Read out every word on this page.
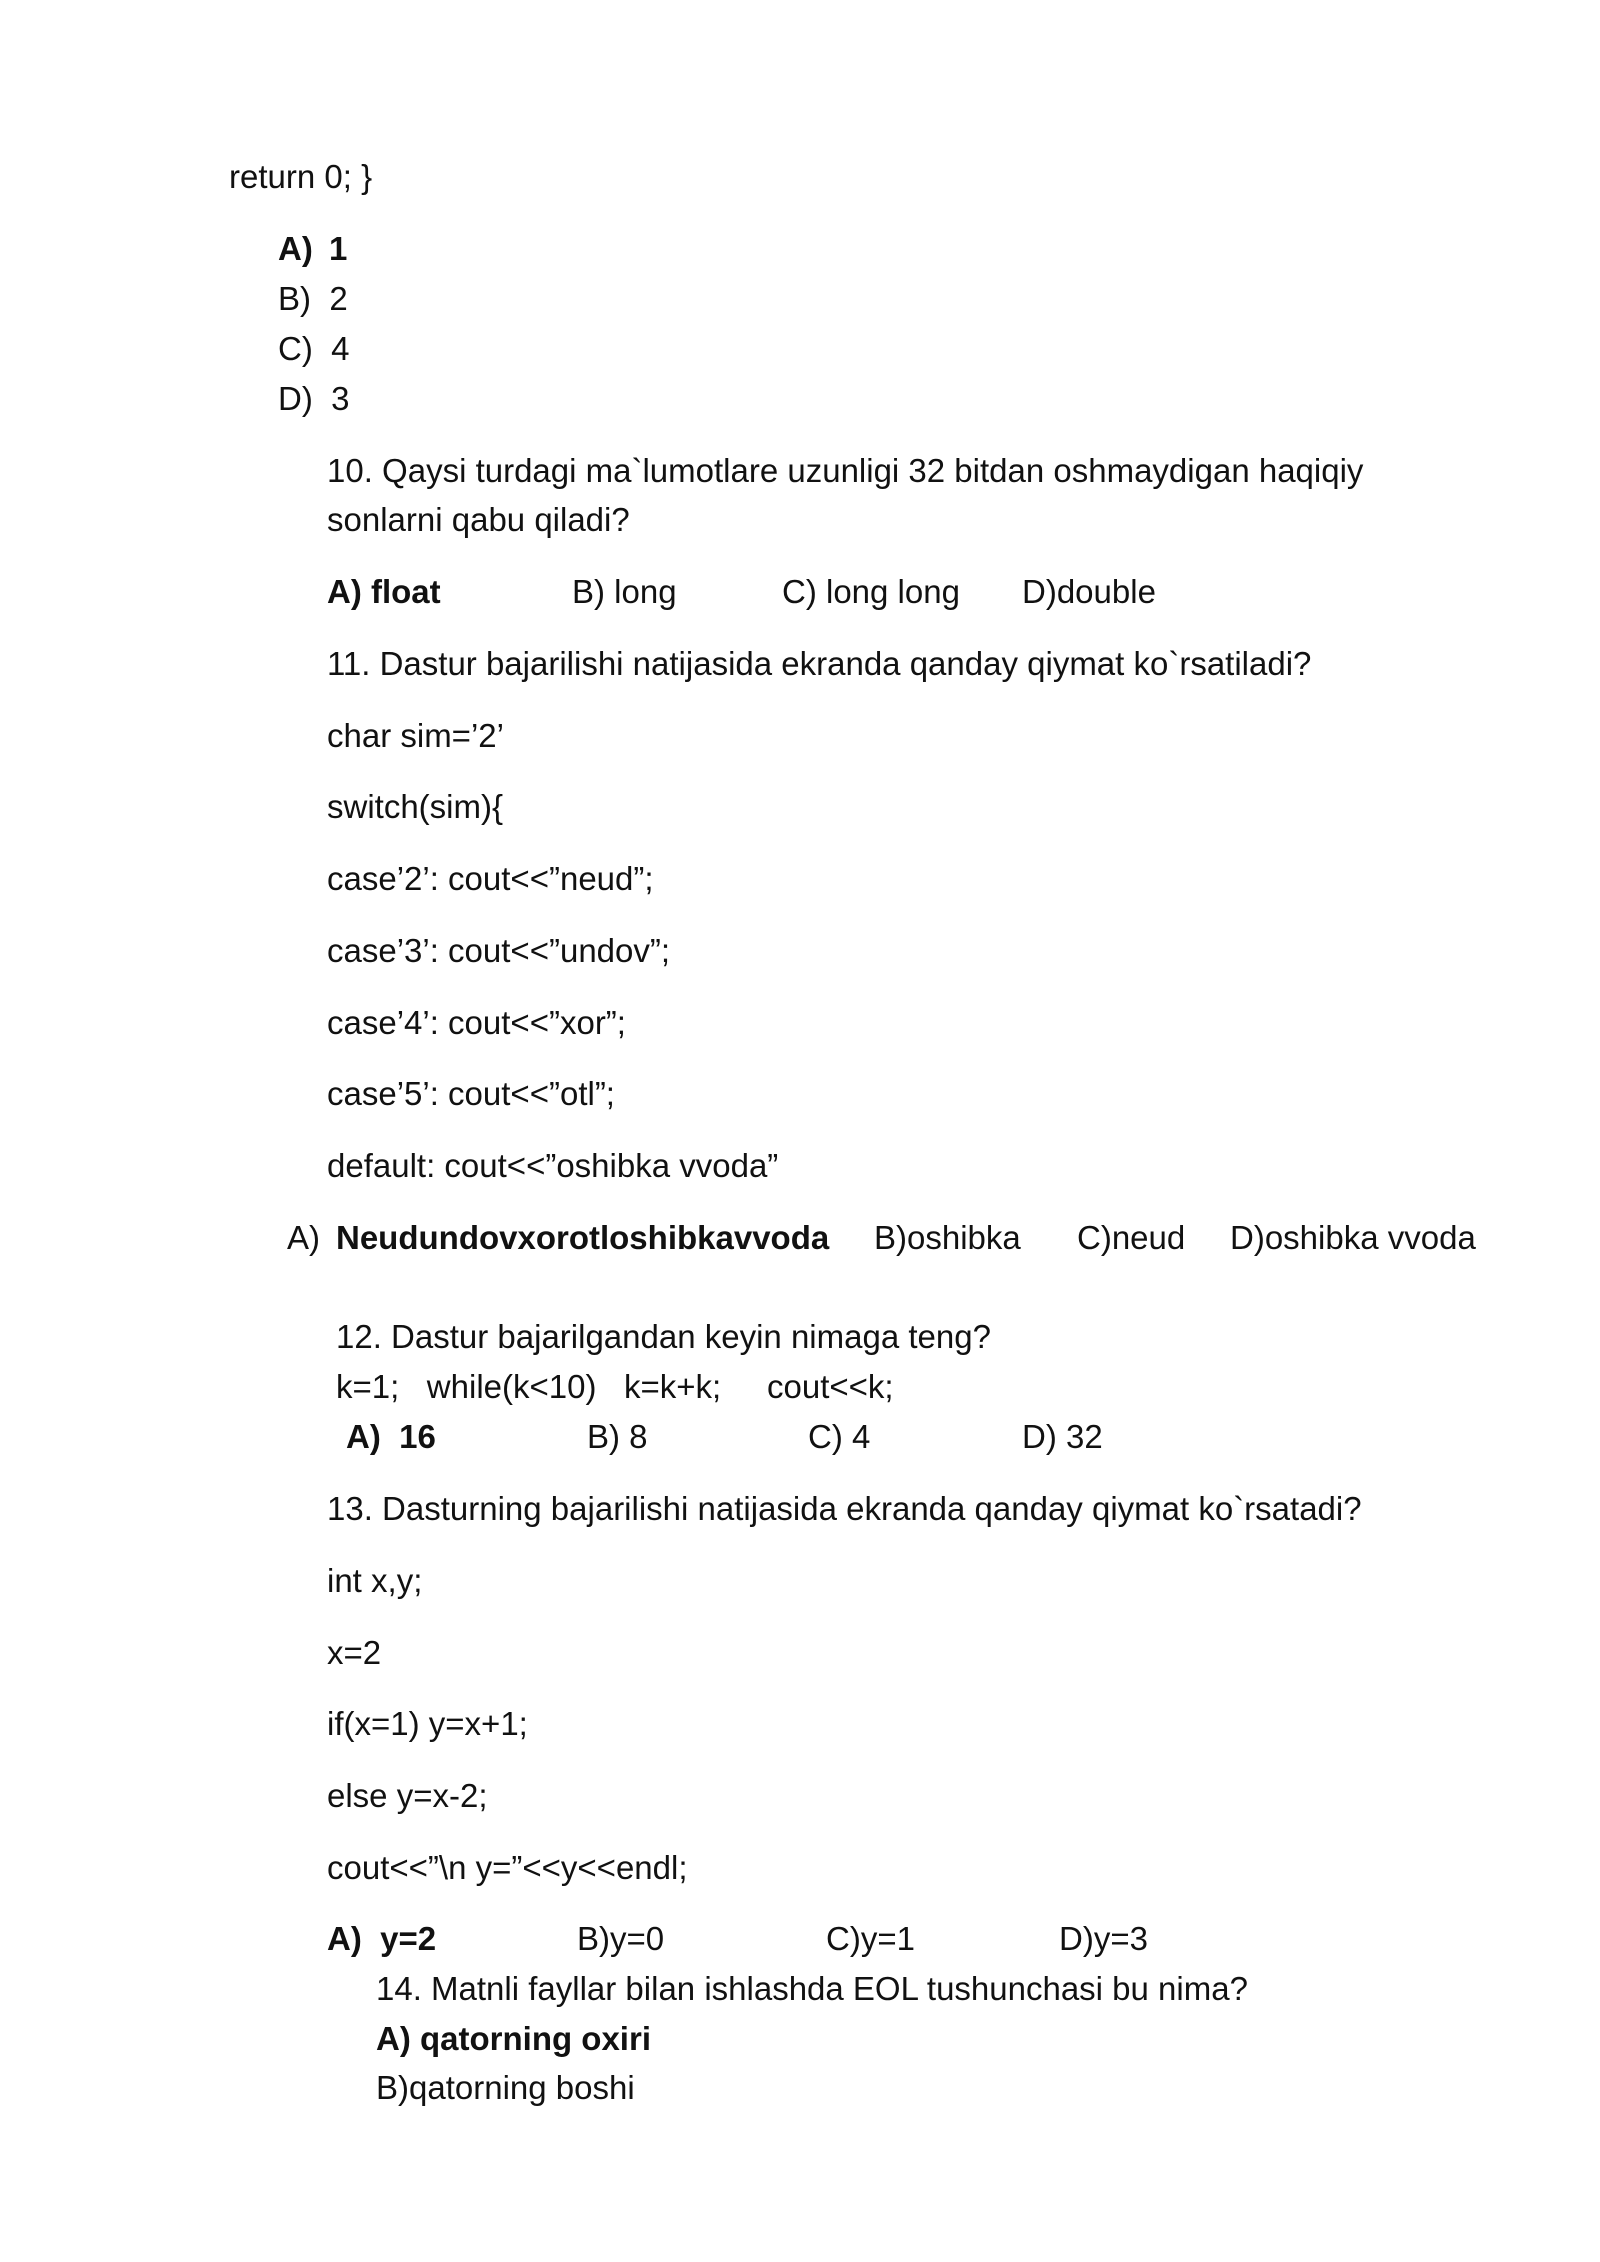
return 0; }
A) 1
B)  2
C)  4
D)  3
10. Qaysi turdagi ma`lumotlare uzunligi 32 bitdan oshmaydigan haqiqiy
sonlarni qabu qiladi?
A) float	B) long	C) long long D)double
11. Dastur bajarilishi natijasida ekranda qanday qiymat ko`rsatiladi?
char sim=’2’
switch(sim){
case’2’: cout<<”neud”;
case’3’: cout<<”undov”;
case’4’: cout<<”xor”;
case’5’: cout<<”otl”;
default: cout<<”oshibka vvoda”
A) Neudundovxorotloshibkavvoda B)oshibka C)neud D)oshibka vvoda
12. Dastur bajarilgandan keyin nimaga teng?
k=1;   while(k<10)   k=k+k;     cout<<k;
A)  16	B) 8	C) 4	D) 32
13. Dasturning bajarilishi natijasida ekranda qanday qiymat ko`rsatadi?
int x,y;
x=2
if(x=1) y=x+1;
else y=x-2;
cout<<”\n y=”<<y<<endl;
A)  y=2	B)y=0	C)y=1	D)y=3
14. Matnli fayllar bilan ishlashda EOL tushunchasi bu nima?
A) qatorning oxiri
B)qatorning boshi
